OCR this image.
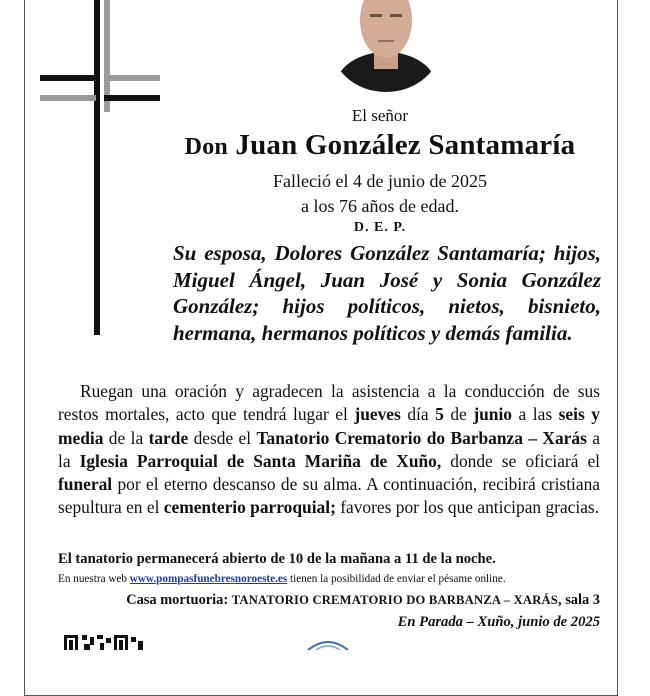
El señor
Don Juan González Santamaría
Falleció el 4 de junio de 2025
a los 76 años de edad.
D. E. P.
Su esposa, Dolores González Santamaría; hijos, Miguel Ángel, Juan José y Sonia González González; hijos políticos, nietos, bisnieto, hermana, hermanos políticos y demás familia.
Ruegan una oración y agradecen la asistencia a la conducción de sus restos mortales, acto que tendrá lugar el jueves día 5 de junio a las seis y media de la tarde desde el Tanatorio Crematorio do Barbanza – Xarás a la Iglesia Parroquial de Santa Mariña de Xuño, donde se oficiará el funeral por el eterno descanso de su alma. A continuación, recibirá cristiana sepultura en el cementerio parroquial; favores por los que anticipan gracias.
El tanatorio permanecerá abierto de 10 de la mañana a 11 de la noche.
En nuestra web www.pompasfunebresnoroeste.es tienen la posibilidad de enviar el pésame online.
Casa mortuoria: TANATORIO CREMATORIO DO BARBANZA – XARÁS, sala 3
En Parada – Xuño, junio de 2025
